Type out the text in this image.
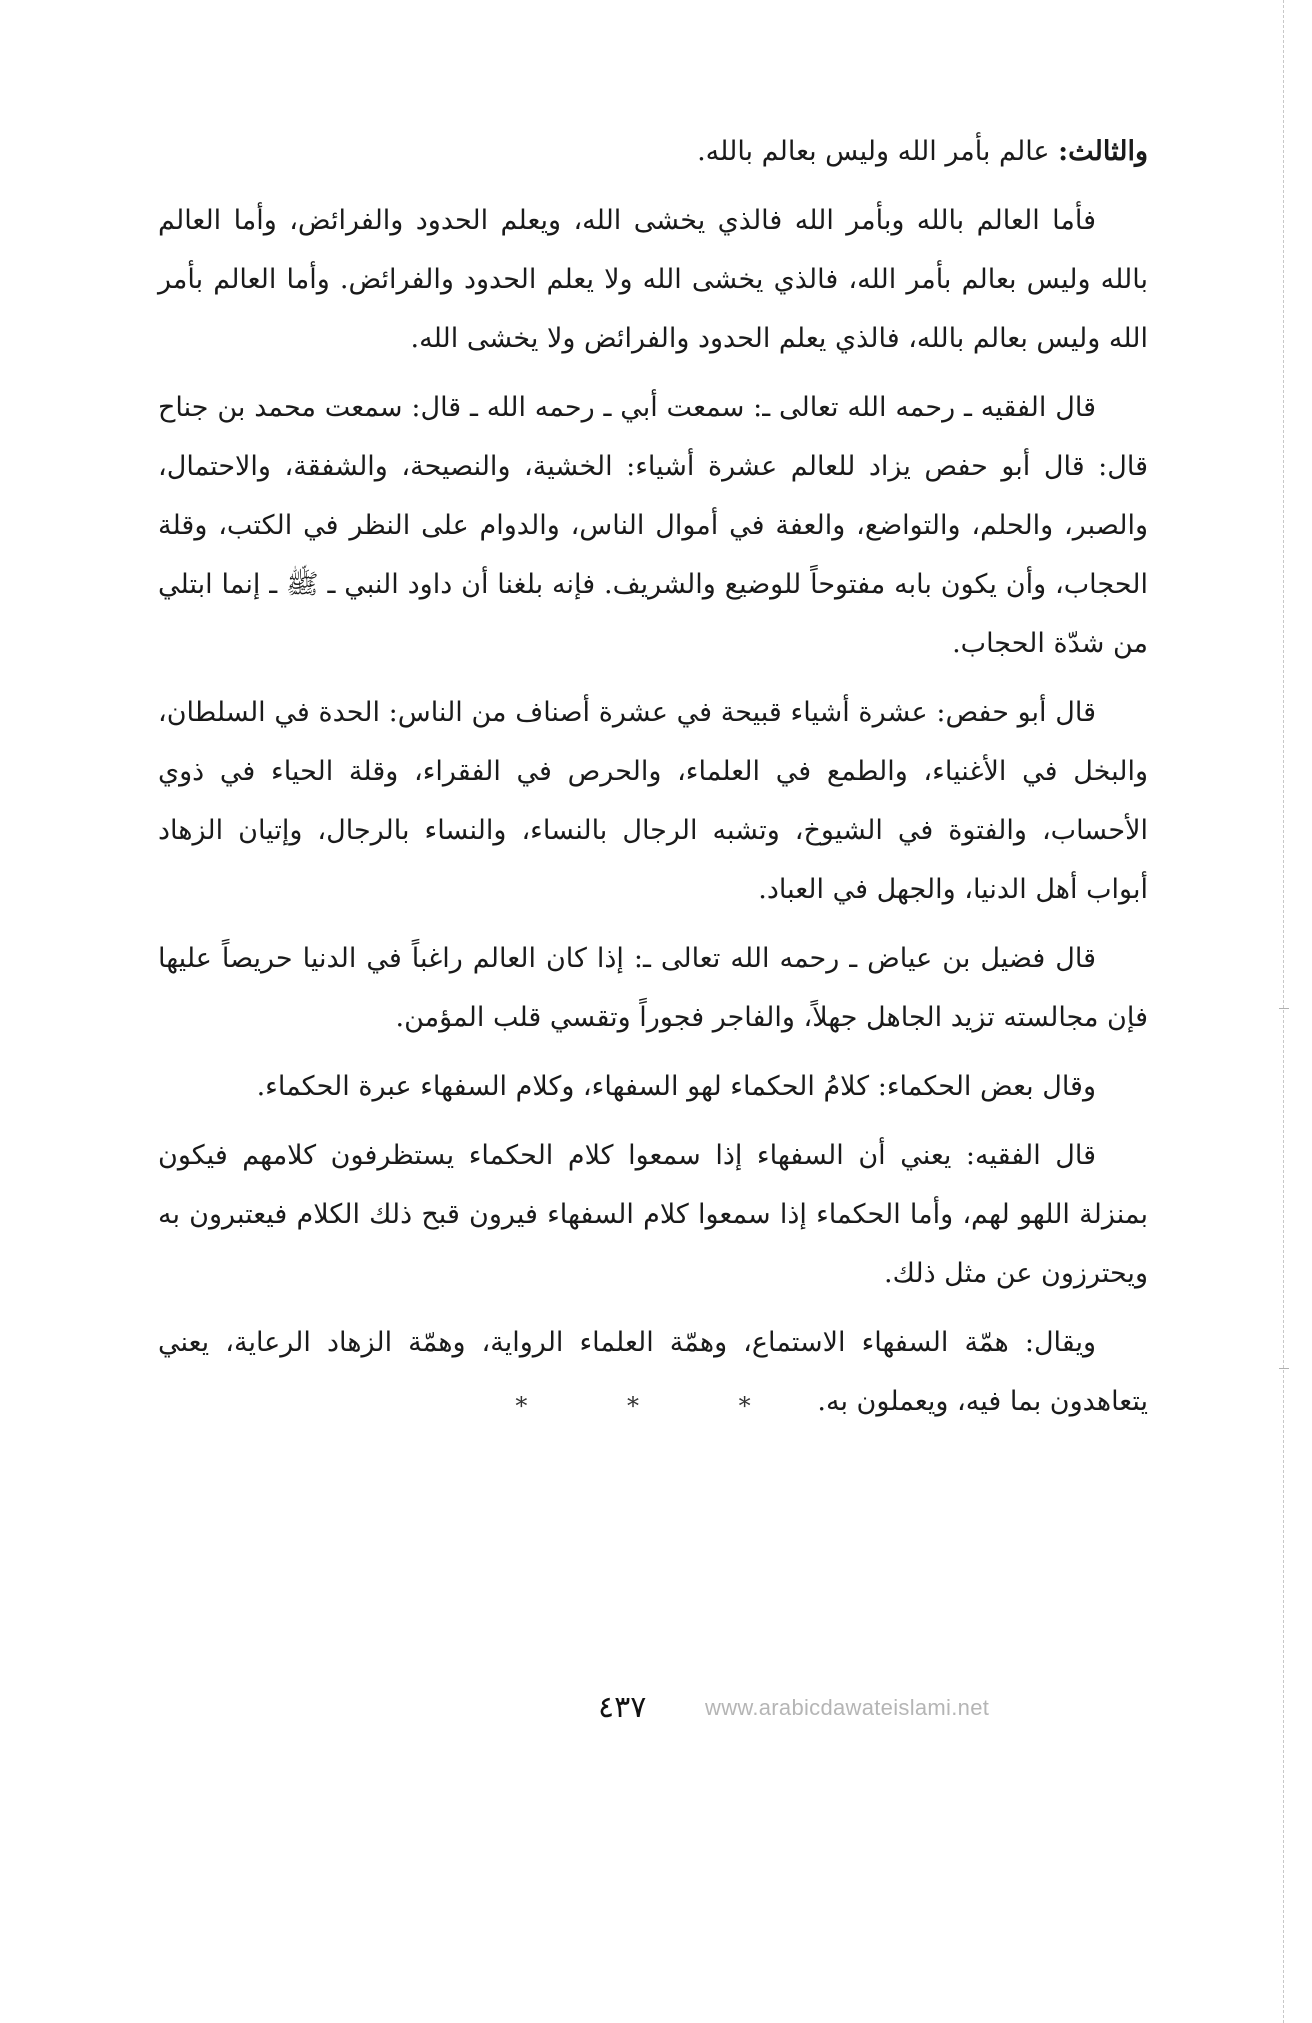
والثالث: عالم بأمر الله وليس بعالم بالله.

فأما العالم بالله وبأمر الله فالذي يخشى الله، ويعلم الحدود والفرائض، وأما العالم بالله وليس بعالم بأمر الله، فالذي يخشى الله ولا يعلم الحدود والفرائض. وأما العالم بأمر الله وليس بعالم بالله، فالذي يعلم الحدود والفرائض ولا يخشى الله.

قال الفقيه ـ رحمه الله تعالى ـ: سمعت أبي ـ رحمه الله ـ قال: سمعت محمد بن جناح قال: قال أبو حفص يزاد للعالم عشرة أشياء: الخشية، والنصيحة، والشفقة، والاحتمال، والصبر، والحلم، والتواضع، والعفة في أموال الناس، والدوام على النظر في الكتب، وقلة الحجاب، وأن يكون بابه مفتوحاً للوضيع والشريف. فإنه بلغنا أن داود النبي ـ ﷺ ـ إنما ابتلي من شدّة الحجاب.

قال أبو حفص: عشرة أشياء قبيحة في عشرة أصناف من الناس: الحدة في السلطان، والبخل في الأغنياء، والطمع في العلماء، والحرص في الفقراء، وقلة الحياء في ذوي الأحساب، والفتوة في الشيوخ، وتشبه الرجال بالنساء، والنساء بالرجال، وإتيان الزهاد أبواب أهل الدنيا، والجهل في العباد.

قال فضيل بن عياض ـ رحمه الله تعالى ـ: إذا كان العالم راغباً في الدنيا حريصاً عليها فإن مجالسته تزيد الجاهل جهلاً، والفاجر فجوراً وتقسي قلب المؤمن.

وقال بعض الحكماء: كلامُ الحكماء لهو السفهاء، وكلام السفهاء عبرة الحكماء.

قال الفقيه: يعني أن السفهاء إذا سمعوا كلام الحكماء يستظرفون كلامهم فيكون بمنزلة اللهو لهم، وأما الحكماء إذا سمعوا كلام السفهاء فيرون قبح ذلك الكلام فيعتبرون به ويحترزون عن مثل ذلك.

ويقال: همّة السفهاء الاستماع، وهمّة العلماء الرواية، وهمّة الزهاد الرعاية، يعني يتعاهدون بما فيه، ويعملون به.

* * *
٤٣٧	www.arabicdawateislami.net
